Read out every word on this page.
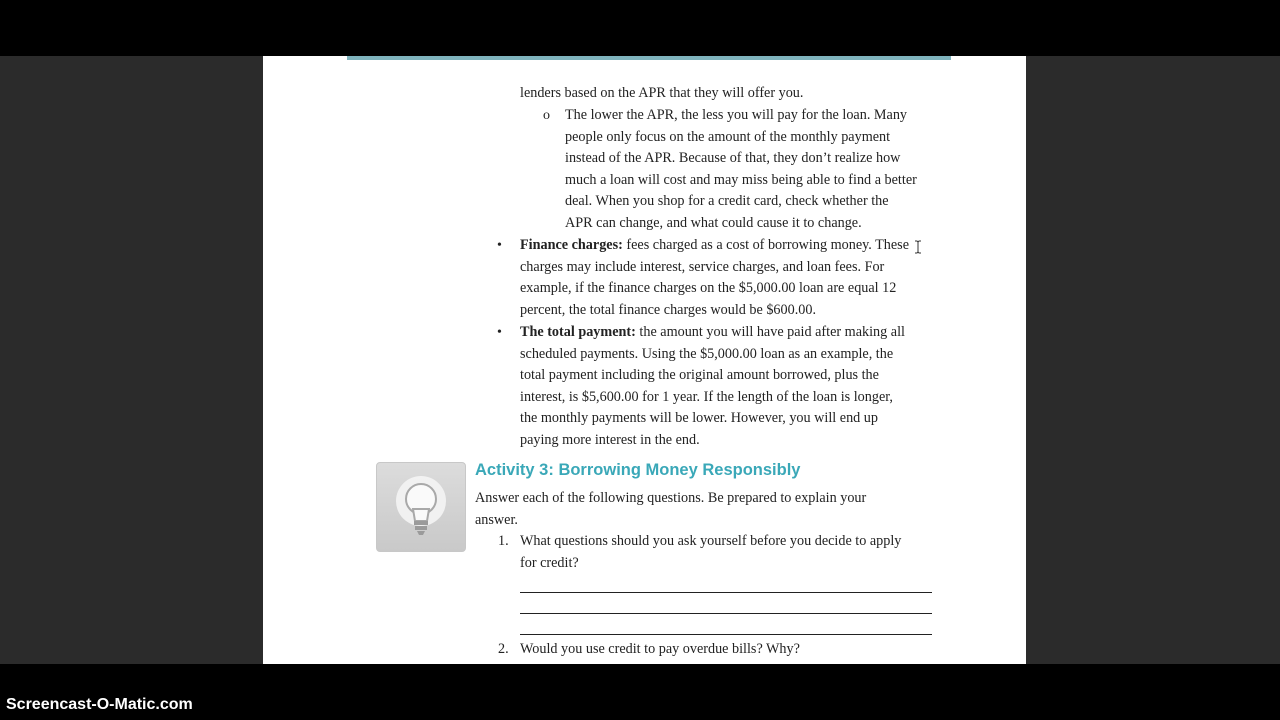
lenders based on the APR that they will offer you.
o The lower the APR, the less you will pay for the loan. Many
people only focus on the amount of the monthly payment
instead of the APR. Because of that, they don’t realize how
much a loan will cost and may miss being able to find a better
deal. When you shop for a credit card, check whether the
APR can change, and what could cause it to change.
• Finance charges: fees charged as a cost of borrowing money. These
charges may include interest, service charges, and loan fees. For
example, if the finance charges on the $5,000.00 loan are equal 12
percent, the total finance charges would be $600.00.
• The total payment: the amount you will have paid after making all
scheduled payments. Using the $5,000.00 loan as an example, the
total payment including the original amount borrowed, plus the
interest, is $5,600.00 for 1 year. If the length of the loan is longer,
the monthly payments will be lower. However, you will end up
paying more interest in the end.
Activity 3: Borrowing Money Responsibly
Answer each of the following questions. Be prepared to explain your
answer.
1. What questions should you ask yourself before you decide to apply
for credit?
2. Would you use credit to pay overdue bills? Why?
Screencast-O-Matic.com
